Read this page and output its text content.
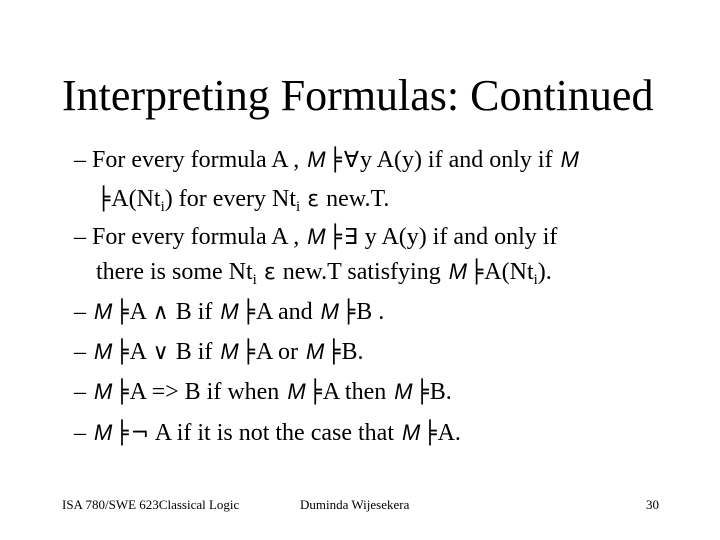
Interpreting Formulas: Continued
– For every formula A , M ╞∀y A(y) if and only if M
$╞A(Nt_i)$ for every $Nt_i$ ε new.T.
– For every formula A , M ╞∃ y A(y) if and only if
there is some $Nt_i$ ε new.T satisfying M $╞A(Nt_i)$.
– M ╞A ∧ B if M ╞A and M ╞B .
– M ╞A ∨ B if M ╞A or M ╞B.
– M ╞A => B if when M ╞A then M ╞B.
– M ╞¬ A if it is not the case that M ╞A.
ISA 780/SWE 623Classical Logic	Duminda Wijesekera	30
